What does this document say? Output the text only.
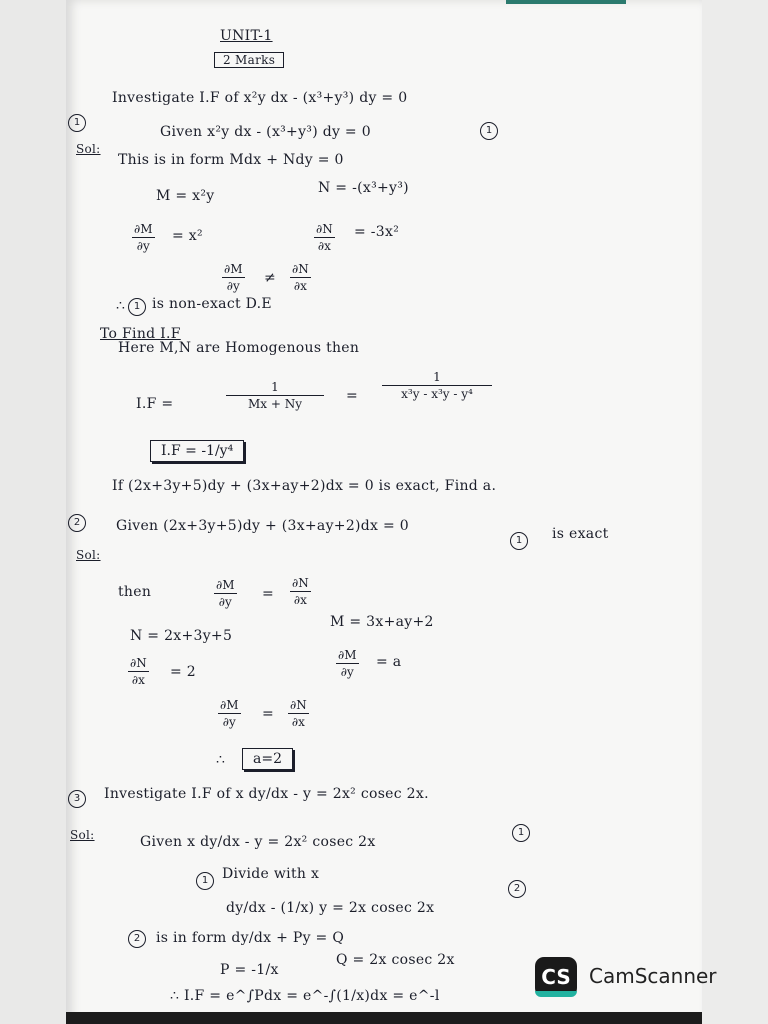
UNIT-1
2 Marks
1
Investigate I.F of x²y dx - (x³+y³) dy = 0
Sol:
Given x²y dx - (x³+y³) dy = 0	1
This is in form Mdx + Ndy = 0
M = x²y	N = -(x³+y³)
∂M
∂y
= x²	∂N
∂x
= -3x²
∂M
∂y	≠
∂N
∂x
∴ 1 is non-exact D.E
To Find I.F
Here M,N are Homogenous then
I.F =
1
Mx + Ny	=
1
x³y - x³y - y⁴
I.F = -1/y⁴
2
If (2x+3y+5)dy + (3x+ay+2)dx = 0 is exact, Find a.
Sol:
Given (2x+3y+5)dy + (3x+ay+2)dx = 0
1	is exact
then	∂M
∂y	=
∂N
∂x
N = 2x+3y+5
M = 3x+ay+2
∂N
∂x = 2
∂M
∂y
= a
∂M
∂y	=
∂N
∂x
∴	a=2
3	Investigate I.F of x dy/dx - y = 2x² cosec 2x.
Sol:	Given x dy/dx - y = 2x² cosec 2x
1
1 Divide with x
dy/dx - (1/x) y = 2x cosec 2x
2
2	is in form dy/dx + Py = Q
P = -1/x
Q = 2x cosec 2x
∴ I.F = e^∫Pdx = e^-∫(1/x)dx = e^-l
CS CamScanner
